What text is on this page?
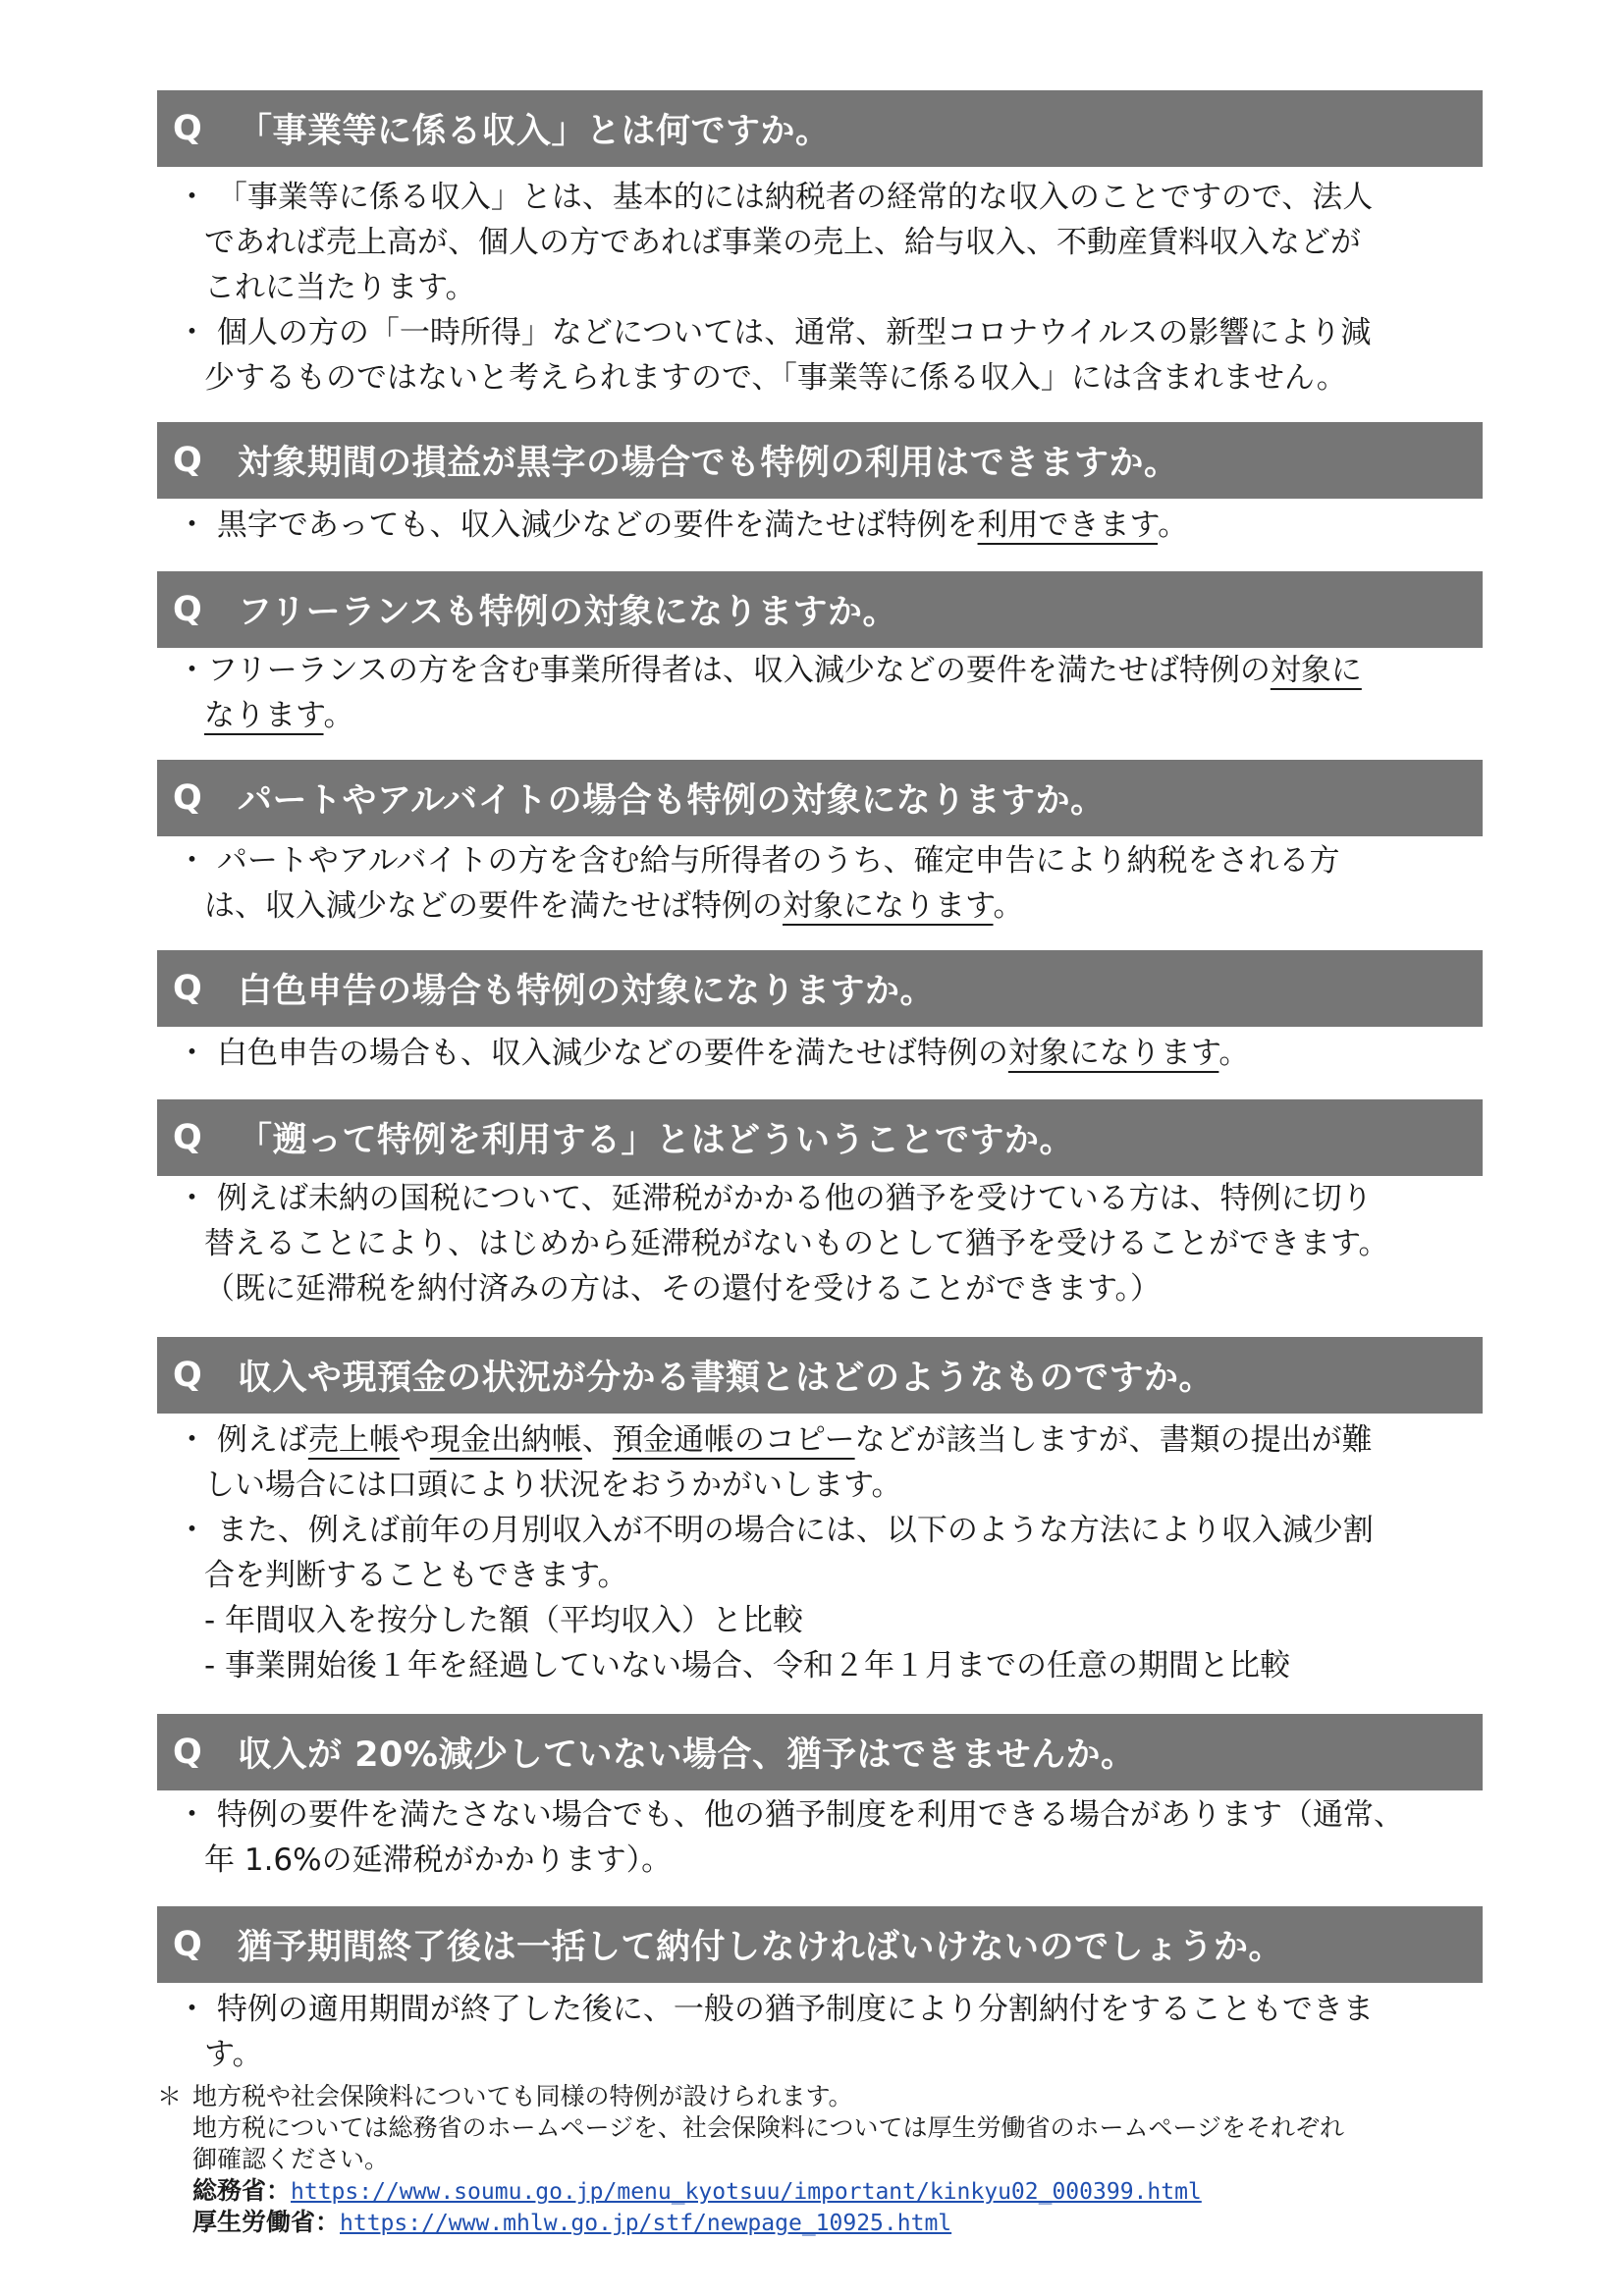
Q	「事業等に係る収入」とは何ですか。
・ 「事業等に係る収入」とは、基本的には納税者の経常的な収入のことですので、法人
であれば売上高が、個人の方であれば事業の売上、給与収入、不動産賃料収入などが
これに当たります。
・ 個人の方の「一時所得」などについては、通常、新型コロナウイルスの影響により減
少するものではないと考えられますので、「事業等に係る収入」には含まれません。
Q	対象期間の損益が黒字の場合でも特例の利用はできますか。
・ 黒字であっても、収入減少などの要件を満たせば特例を利用できます。
Q	フリーランスも特例の対象になりますか。
・フリーランスの方を含む事業所得者は、収入減少などの要件を満たせば特例の対象に
なります。
Q	パートやアルバイトの場合も特例の対象になりますか。
・ パートやアルバイトの方を含む給与所得者のうち、確定申告により納税をされる方
は、収入減少などの要件を満たせば特例の対象になります。
Q	白色申告の場合も特例の対象になりますか。
・ 白色申告の場合も、収入減少などの要件を満たせば特例の対象になります。
Q	「遡って特例を利用する」とはどういうことですか。
・ 例えば未納の国税について、延滞税がかかる他の猶予を受けている方は、特例に切り
替えることにより、はじめから延滞税がないものとして猶予を受けることができます。
（既に延滞税を納付済みの方は、その還付を受けることができます。）
Q	収入や現預金の状況が分かる書類とはどのようなものですか。
・ 例えば売上帳や現金出納帳、預金通帳のコピーなどが該当しますが、書類の提出が難
しい場合には口頭により状況をおうかがいします。
・ また、例えば前年の月別収入が不明の場合には、以下のような方法により収入減少割
合を判断することもできます。
- 年間収入を按分した額（平均収入）と比較
- 事業開始後１年を経過していない場合、令和２年１月までの任意の期間と比較
Q	収入が 20%減少していない場合、猶予はできませんか。
・ 特例の要件を満たさない場合でも、他の猶予制度を利用できる場合があります（通常、
年 1.6%の延滞税がかかります）。
Q	猶予期間終了後は一括して納付しなければいけないのでしょうか。
・ 特例の適用期間が終了した後に、一般の猶予制度により分割納付をすることもできま
す。
＊ 地方税や社会保険料についても同様の特例が設けられます。
地方税については総務省のホームページを、社会保険料については厚生労働省のホームページをそれぞれ
御確認ください。
総務省：https://www.soumu.go.jp/menu_kyotsuu/important/kinkyu02_000399.html
厚生労働省：https://www.mhlw.go.jp/stf/newpage_10925.html
